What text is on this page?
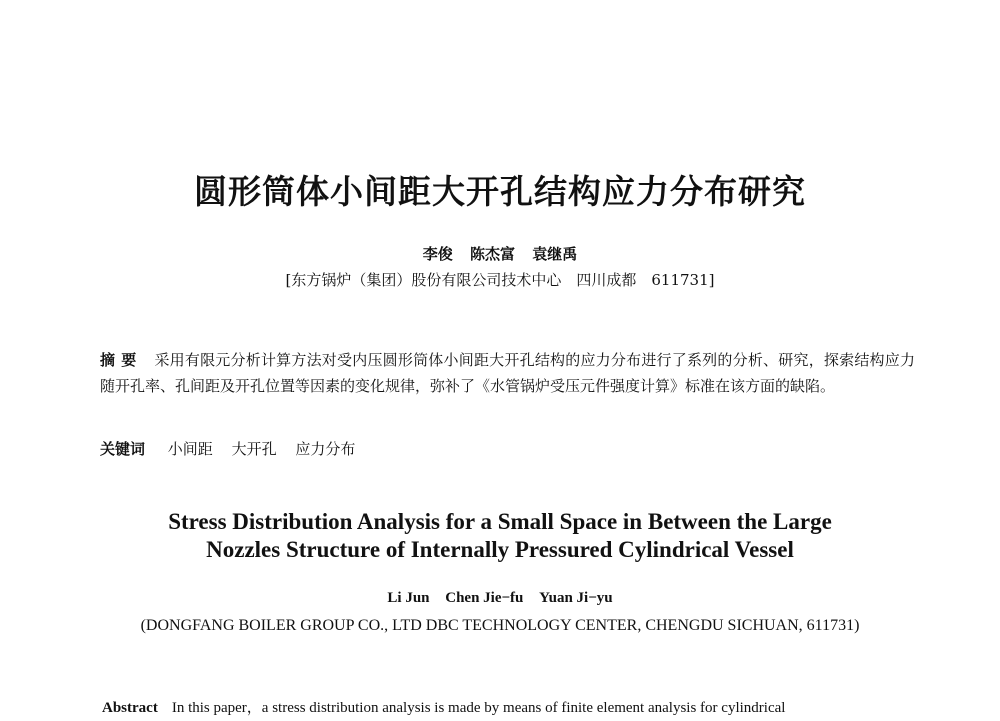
圆形筒体小间距大开孔结构应力分布研究
李俊 陈杰富 袁继禹
[东方锅炉（集团）股份有限公司技术中心　四川成都　611731]
摘要 采用有限元分析计算方法对受内压圆形筒体小间距大开孔结构的应力分布进行了系列的分析、研究，探索结构应力随开孔率、孔间距及开孔位置等因素的变化规律，弥补了《水管锅炉受压元件强度计算》标准在该方面的缺陷。
关键词 小间距 大开孔 应力分布
Stress Distribution Analysis for a Small Space in Between the Large
Nozzles Structure of Internally Pressured Cylindrical Vessel
Li Jun Chen Jie−fu Yuan Ji−yu
(DONGFANG BOILER GROUP CO., LTD DBC TECHNOLOGY CENTER, CHENGDU SICHUAN, 611731)
Abstract In this paper，a stress distribution analysis is made by means of finite element analysis for cylindrical
